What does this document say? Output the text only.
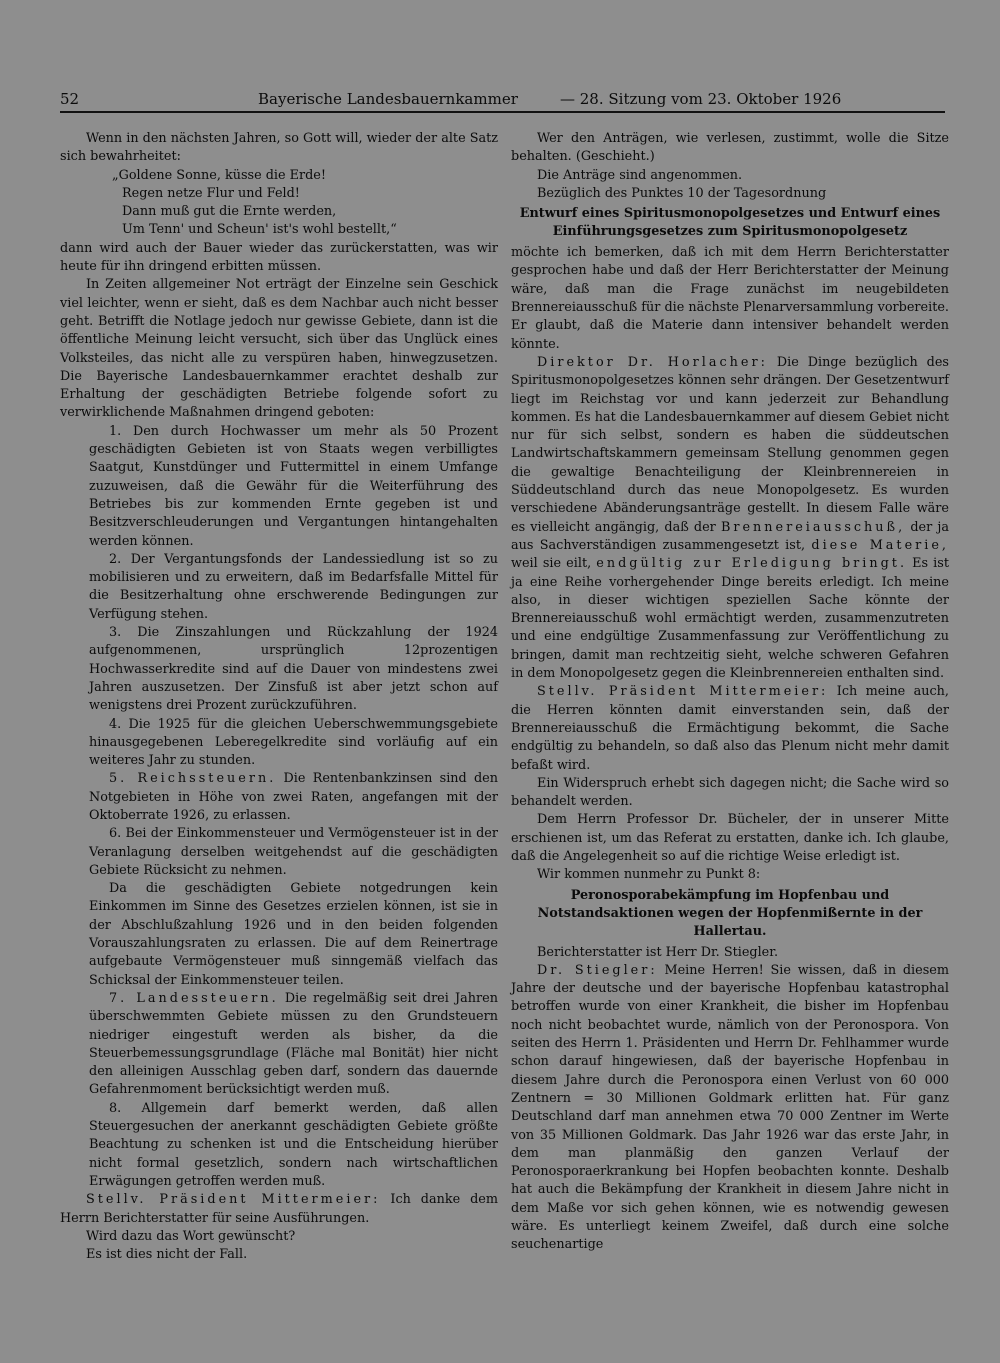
52	Bayerische Landesbauernkammer	— 28. Sitzung vom 23. Oktober 1926

Wenn in den nächsten Jahren, so Gott will, wieder der alte Satz sich bewahrheitet:

„Goldene Sonne, küsse die Erde!
Regen netze Flur und Feld!
Dann muß gut die Ernte werden,
Um Tenn' und Scheun' ist's wohl bestellt,“

dann wird auch der Bauer wieder das zurückerstatten, was wir heute für ihn dringend erbitten müssen.

In Zeiten allgemeiner Not erträgt der Einzelne sein Geschick viel leichter, wenn er sieht, daß es dem Nachbar auch nicht besser geht. Betrifft die Notlage jedoch nur gewisse Gebiete, dann ist die öffentliche Meinung leicht versucht, sich über das Unglück eines Volksteiles, das nicht alle zu verspüren haben, hinwegzusetzen. Die Bayerische Landesbauernkammer erachtet deshalb zur Erhaltung der geschädigten Betriebe folgende sofort zu verwirklichende Maßnahmen dringend geboten:

1. Den durch Hochwasser um mehr als 50 Prozent geschädigten Gebieten ist von Staats wegen verbilligtes Saatgut, Kunstdünger und Futtermittel in einem Umfange zuzuweisen, daß die Gewähr für die Weiterführung des Betriebes bis zur kommenden Ernte gegeben ist und Besitzverschleuderungen und Vergantungen hintangehalten werden können.

2. Der Vergantungsfonds der Landessiedlung ist so zu mobilisieren und zu erweitern, daß im Bedarfsfalle Mittel für die Besitzerhaltung ohne erschwerende Bedingungen zur Verfügung stehen.

3. Die Zinszahlungen und Rückzahlung der 1924 aufgenommenen, ursprünglich 12prozentigen Hochwasserkredite sind auf die Dauer von mindestens zwei Jahren auszusetzen. Der Zinsfuß ist aber jetzt schon auf wenigstens drei Prozent zurückzuführen.

4. Die 1925 für die gleichen Ueberschwemmungsgebiete hinausgegebenen Leberegelkredite sind vorläufig auf ein weiteres Jahr zu stunden.

5. Reichssteuern. Die Rentenbankzinsen sind den Notgebieten in Höhe von zwei Raten, angefangen mit der Oktoberrate 1926, zu erlassen.

6. Bei der Einkommensteuer und Vermögensteuer ist in der Veranlagung derselben weitgehendst auf die geschädigten Gebiete Rücksicht zu nehmen.

Da die geschädigten Gebiete notgedrungen kein Einkommen im Sinne des Gesetzes erzielen können, ist sie in der Abschlußzahlung 1926 und in den beiden folgenden Vorauszahlungsraten zu erlassen. Die auf dem Reinertrage aufgebaute Vermögensteuer muß sinngemäß vielfach das Schicksal der Einkommensteuer teilen.

7. Landessteuern. Die regelmäßig seit drei Jahren überschwemmten Gebiete müssen zu den Grundsteuern niedriger eingestuft werden als bisher, da die Steuerbemessungsgrundlage (Fläche mal Bonität) hier nicht den alleinigen Ausschlag geben darf, sondern das dauernde Gefahrenmoment berücksichtigt werden muß.

8. Allgemein darf bemerkt werden, daß allen Steuergesuchen der anerkannt geschädigten Gebiete größte Beachtung zu schenken ist und die Entscheidung hierüber nicht formal gesetzlich, sondern nach wirtschaftlichen Erwägungen getroffen werden muß.

Stellv. Präsident Mittermeier: Ich danke dem Herrn Berichterstatter für seine Ausführungen.

Wird dazu das Wort gewünscht?

Es ist dies nicht der Fall.

Wer den Anträgen, wie verlesen, zustimmt, wolle die Sitze behalten. (Geschieht.)

Die Anträge sind angenommen.

Bezüglich des Punktes 10 der Tagesordnung

Entwurf eines Spiritusmonopolgesetzes und Entwurf eines Einführungsgesetzes zum Spiritusmonopolgesetz

möchte ich bemerken, daß ich mit dem Herrn Berichterstatter gesprochen habe und daß der Herr Berichterstatter der Meinung wäre, daß man die Frage zunächst im neugebildeten Brennereiausschuß für die nächste Plenarversammlung vorbereite. Er glaubt, daß die Materie dann intensiver behandelt werden könnte.

Direktor Dr. Horlacher: Die Dinge bezüglich des Spiritusmonopolgesetzes können sehr drängen. Der Gesetzentwurf liegt im Reichstag vor und kann jederzeit zur Behandlung kommen. Es hat die Landesbauernkammer auf diesem Gebiet nicht nur für sich selbst, sondern es haben die süddeutschen Landwirtschaftskammern gemeinsam Stellung genommen gegen die gewaltige Benachteiligung der Kleinbrennereien in Süddeutschland durch das neue Monopolgesetz. Es wurden verschiedene Abänderungsanträge gestellt. In diesem Falle wäre es vielleicht angängig, daß der Brennereiausschuß, der ja aus Sachverständigen zusammengesetzt ist, diese Materie, weil sie eilt, endgültig zur Erledigung bringt. Es ist ja eine Reihe vorhergehender Dinge bereits erledigt. Ich meine also, in dieser wichtigen speziellen Sache könnte der Brennereiausschuß wohl ermächtigt werden, zusammenzutreten und eine endgültige Zusammenfassung zur Veröffentlichung zu bringen, damit man rechtzeitig sieht, welche schweren Gefahren in dem Monopolgesetz gegen die Kleinbrennereien enthalten sind.

Stellv. Präsident Mittermeier: Ich meine auch, die Herren könnten damit einverstanden sein, daß der Brennereiausschuß die Ermächtigung bekommt, die Sache endgültig zu behandeln, so daß also das Plenum nicht mehr damit befaßt wird.

Ein Widerspruch erhebt sich dagegen nicht; die Sache wird so behandelt werden.

Dem Herrn Professor Dr. Bücheler, der in unserer Mitte erschienen ist, um das Referat zu erstatten, danke ich. Ich glaube, daß die Angelegenheit so auf die richtige Weise erledigt ist.

Wir kommen nunmehr zu Punkt 8:

Peronosporabekämpfung im Hopfenbau und Notstandsaktionen wegen der Hopfenmißernte in der Hallertau.

Berichterstatter ist Herr Dr. Stiegler.

Dr. Stiegler: Meine Herren! Sie wissen, daß in diesem Jahre der deutsche und der bayerische Hopfenbau katastrophal betroffen wurde von einer Krankheit, die bisher im Hopfenbau noch nicht beobachtet wurde, nämlich von der Peronospora. Von seiten des Herrn 1. Präsidenten und Herrn Dr. Fehlhammer wurde schon darauf hingewiesen, daß der bayerische Hopfenbau in diesem Jahre durch die Peronospora einen Verlust von 60 000 Zentnern = 30 Millionen Goldmark erlitten hat. Für ganz Deutschland darf man annehmen etwa 70 000 Zentner im Werte von 35 Millionen Goldmark. Das Jahr 1926 war das erste Jahr, in dem man planmäßig den ganzen Verlauf der Peronosporaerkrankung bei Hopfen beobachten konnte. Deshalb hat auch die Bekämpfung der Krankheit in diesem Jahre nicht in dem Maße vor sich gehen können, wie es notwendig gewesen wäre. Es unterliegt keinem Zweifel, daß durch eine solche seuchenartige
